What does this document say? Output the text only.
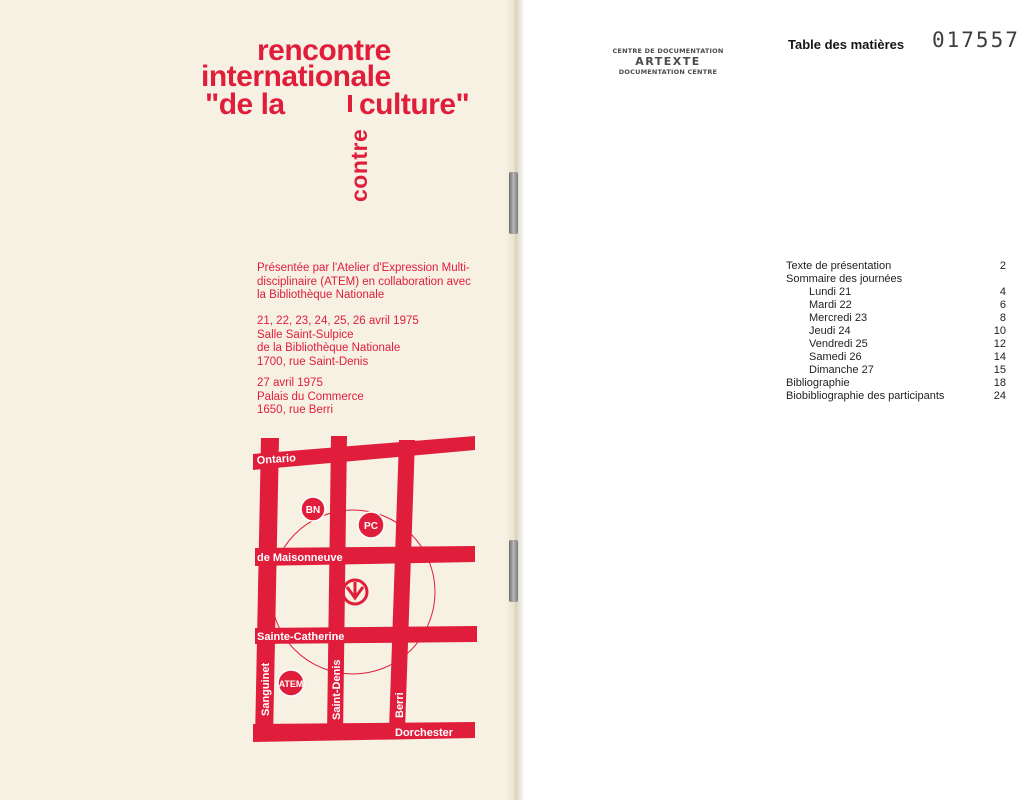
rencontre
internationale
"de la culture"
contre
Présentée par l'Atelier d'Expression Multi-
disciplinaire (ATEM) en collaboration avec
la Bibliothèque Nationale
21, 22, 23, 24, 25, 26 avril 1975
Salle Saint-Sulpice
de la Bibliothèque Nationale
1700, rue Saint-Denis
27 avril 1975
Palais du Commerce
1650, rue Berri
Ontario
de Maisonneuve
Sainte-Catherine
Dorchester
Sanguinet	Saint-Denis	Berri
BN
PC
ATEM
CENTRE DE DOCUMENTATION
ARTEXTE
DOCUMENTATION CENTRE
Table des matières 017557
Texte de présentation	2
Sommaire des journées
Lundi 21	4
Mardi 22	6
Mercredi 23	8
Jeudi 24	10
Vendredi 25	12
Samedi 26	14
Dimanche 27	15
Bibliographie	18
Biobibliographie des participants	24
